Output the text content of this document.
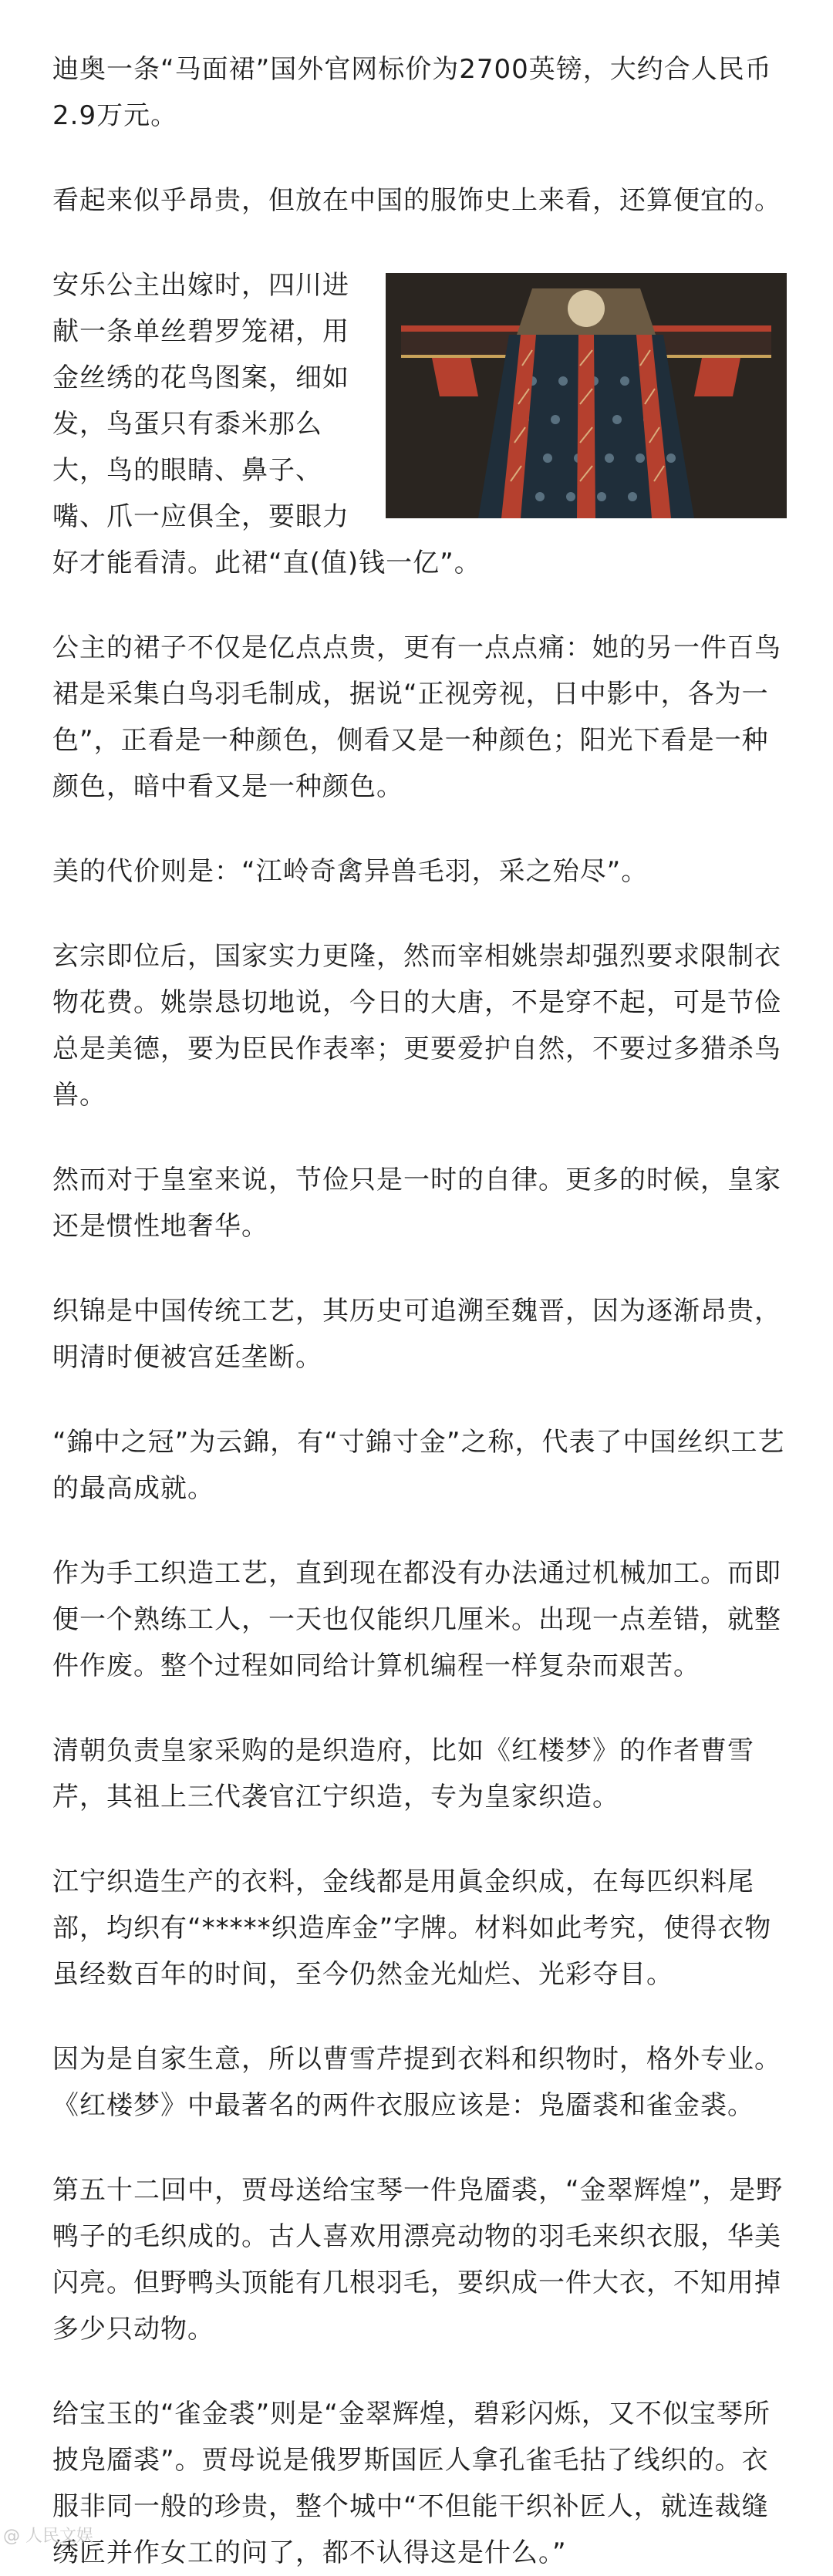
迪奥一条“马面裙”国外官网标价为2700英镑，大约合人民币2.9万元。

看起来似乎昂贵，但放在中国的服饰史上来看，还算便宜的。

安乐公主出嫁时，四川进献一条单丝碧罗笼裙，用金丝绣的花鸟图案，细如发，鸟蛋只有黍米那么大，鸟的眼睛、鼻子、嘴、爪一应俱全，要眼力好才能看清。此裙“直(值)钱一亿”。

公主的裙子不仅是亿点点贵，更有一点点痛：她的另一件百鸟裙是采集白鸟羽毛制成，据说“正视旁视，日中影中，各为一色”，正看是一种颜色，侧看又是一种颜色；阳光下看是一种颜色，暗中看又是一种颜色。

美的代价则是：“江岭奇禽异兽毛羽，采之殆尽”。

玄宗即位后，国家实力更隆，然而宰相姚崇却强烈要求限制衣物花费。姚崇恳切地说，今日的大唐，不是穿不起，可是节俭总是美德，要为臣民作表率；更要爱护自然，不要过多猎杀鸟兽。

然而对于皇室来说，节俭只是一时的自律。更多的时候，皇家还是惯性地奢华。

织锦是中国传统工艺，其历史可追溯至魏晋，因为逐渐昂贵，明清时便被宫廷垄断。

“錦中之冠”为云錦，有“寸錦寸金”之称，代表了中国丝织工艺的最高成就。

作为手工织造工艺，直到现在都没有办法通过机械加工。而即便一个熟练工人，一天也仅能织几厘米。出现一点差错，就整件作废。整个过程如同给计算机编程一样复杂而艰苦。

清朝负责皇家采购的是织造府，比如《红楼梦》的作者曹雪芹，其祖上三代袭官江宁织造，专为皇家织造。

江宁织造生产的衣料，金线都是用眞金织成，在每匹织料尾部，均织有“*****织造库金”字牌。材料如此考究，使得衣物虽经数百年的时间，至今仍然金光灿烂、光彩夺目。

因为是自家生意，所以曹雪芹提到衣料和织物时，格外专业。《红楼梦》中最著名的两件衣服应该是：凫靥裘和雀金裘。

第五十二回中，贾母送给宝琴一件凫靥裘，“金翠辉煌”，是野鸭子的毛织成的。古人喜欢用漂亮动物的羽毛来织衣服，华美闪亮。但野鸭头顶能有几根羽毛，要织成一件大衣，不知用掉多少只动物。

给宝玉的“雀金裘”则是“金翠辉煌，碧彩闪烁，又不似宝琴所披凫靥裘”。贾母说是俄罗斯国匠人拿孔雀毛拈了线织的。衣服非同一般的珍贵，整个城中“不但能干织补匠人，就连裁缝绣匠并作女工的问了，都不认得这是什么。”

@ 人民文娱
